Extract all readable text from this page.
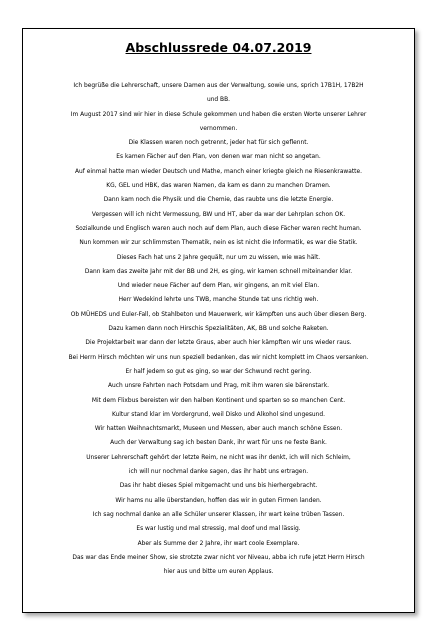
Abschlussrede 04.07.2019
Ich begrüße die Lehrerschaft, unsere Damen aus der Verwaltung, sowie uns, sprich 17B1H, 17B2H
und BB.
Im August 2017 sind wir hier in diese Schule gekommen und haben die ersten Worte unserer Lehrer
vernommen.
Die Klassen waren noch getrennt, jeder hat für sich geflennt.
Es kamen Fächer auf den Plan, von denen war man nicht so angetan.
Auf einmal hatte man wieder Deutsch und Mathe, manch einer kriegte gleich ne Riesenkrawatte.
KG, GEL und HBK, das waren Namen, da kam es dann zu manchen Dramen.
Dann kam noch die Physik und die Chemie, das raubte uns die letzte Energie.
Vergessen will ich nicht Vermessung, BW und HT, aber da war der Lehrplan schon OK.
Sozialkunde und Englisch waren auch noch auf dem Plan, auch diese Fächer waren recht human.
Nun kommen wir zur schlimmsten Thematik, nein es ist nicht die Informatik, es war die Statik.
Dieses Fach hat uns 2 Jahre gequält, nur um zu wissen, wie was hält.
Dann kam das zweite Jahr mit der BB und 2H, es ging, wir kamen schnell miteinander klar.
Und wieder neue Fächer auf dem Plan, wir gingens, an mit viel Elan.
Herr Wedekind lehrte uns TWB, manche Stunde tat uns richtig weh.
Ob MÜHEDS und Euler-Fall, ob Stahlbeton und Mauerwerk, wir kämpften uns auch über diesen Berg.
Dazu kamen dann noch Hirschis Spezialitäten, AK, BB und solche Raketen.
Die Projektarbeit war dann der letzte Graus, aber auch hier kämpften wir uns wieder raus.
Bei Herrn Hirsch möchten wir uns nun speziell bedanken, das wir nicht komplett im Chaos versanken.
Er half jedem so gut es ging, so war der Schwund recht gering.
Auch unsre Fahrten nach Potsdam und Prag, mit ihm waren sie bärenstark.
Mit dem Flixbus bereisten wir den halben Kontinent und sparten so so manchen Cent.
Kultur stand klar im Vordergrund, weil Disko und Alkohol sind ungesund.
Wir hatten Weihnachtsmarkt, Museen und Messen, aber auch manch schöne Essen.
Auch der Verwaltung sag ich besten Dank, ihr wart für uns ne feste Bank.
Unserer Lehrerschaft gehört der letzte Reim, ne nicht was ihr denkt, ich will nich Schleim,
ich will nur nochmal danke sagen, das ihr habt uns ertragen.
Das ihr habt dieses Spiel mitgemacht und uns bis hierhergebracht.
Wir hams nu alle überstanden, hoffen das wir in guten Firmen landen.
Ich sag nochmal danke an alle Schüler unserer Klassen, ihr wart keine trüben Tassen.
Es war lustig und mal stressig, mal doof und mal lässig.
Aber als Summe der 2 Jahre, ihr wart coole Exemplare.
Das war das Ende meiner Show, sie strotzte zwar nicht vor Niveau, abba ich rufe jetzt Herrn Hirsch
hier aus und bitte um euren Applaus.
